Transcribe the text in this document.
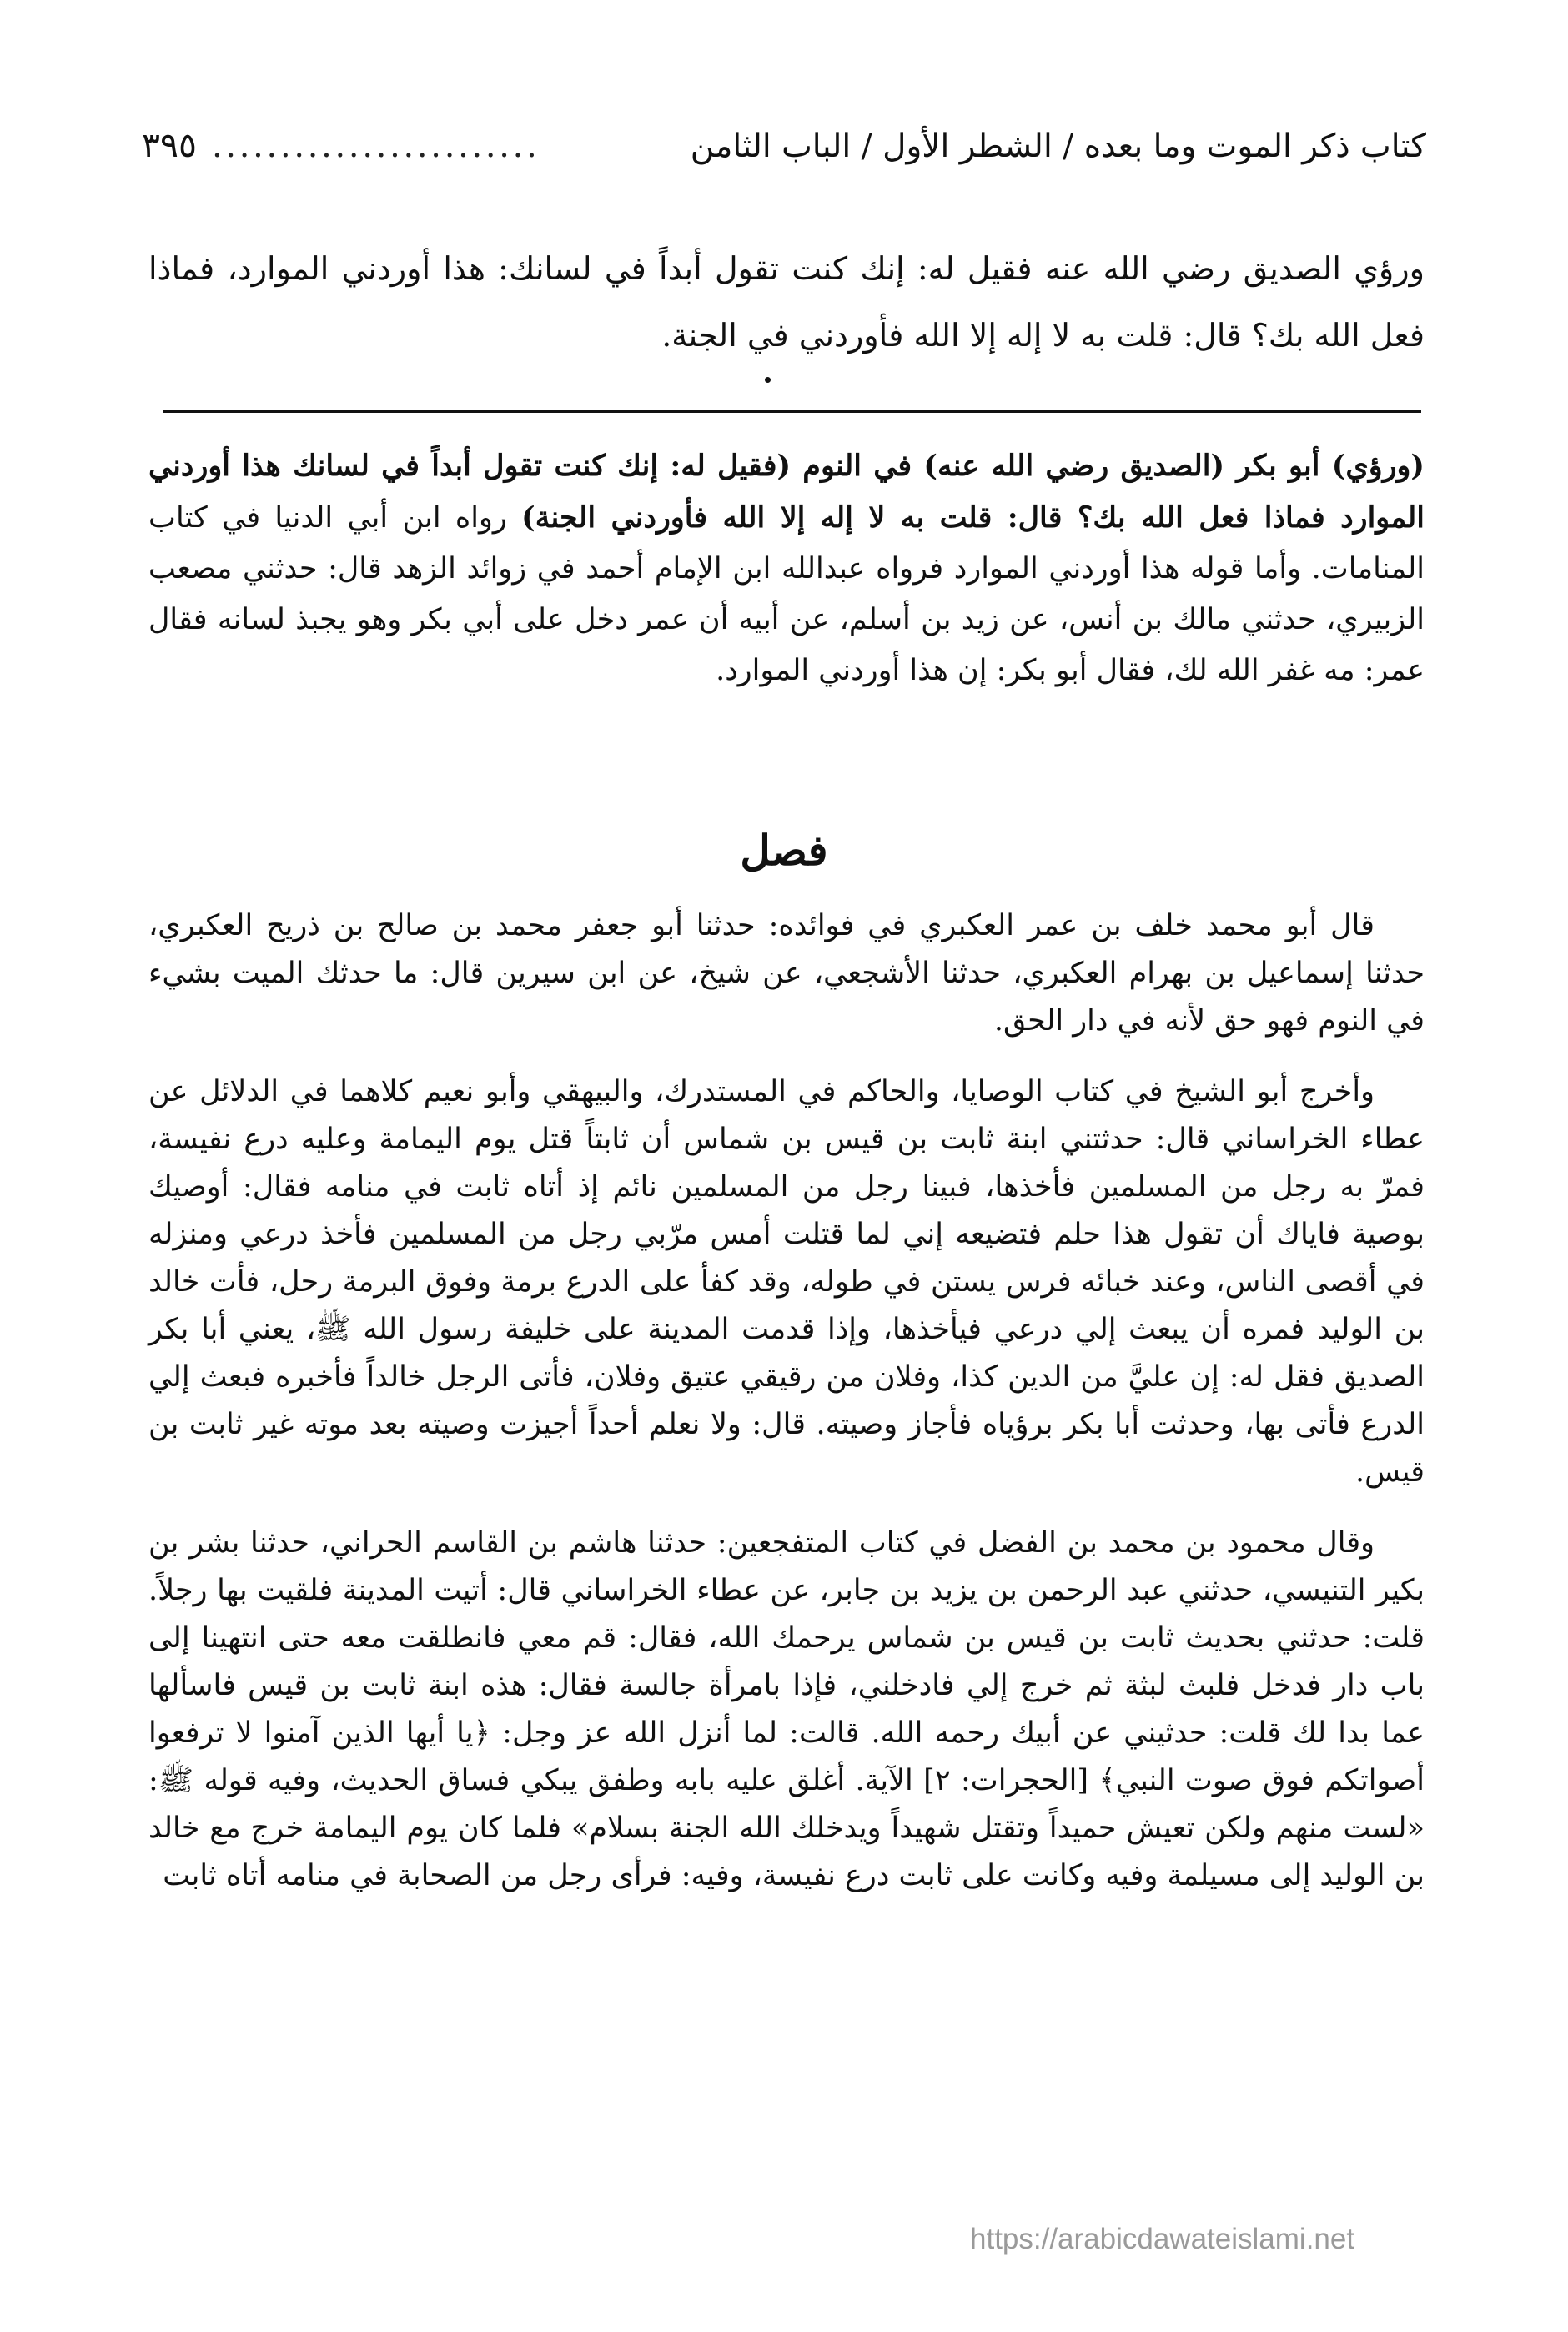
كتاب ذكر الموت وما بعده / الشطر الأول / الباب الثامن
........................
٣٩٥
ورؤي الصديق رضي الله عنه فقيل له: إنك كنت تقول أبداً في لسانك: هذا أوردني الموارد، فماذا فعل الله بك؟ قال: قلت به لا إله إلا الله فأوردني في الجنة.
(ورؤي) أبو بكر (الصديق رضي الله عنه) في النوم (فقيل له: إنك كنت تقول أبداً في لسانك هذا أوردني الموارد فماذا فعل الله بك؟ قال: قلت به لا إله إلا الله فأوردني الجنة) رواه ابن أبي الدنيا في كتاب المنامات. وأما قوله هذا أوردني الموارد فرواه عبدالله ابن الإمام أحمد في زوائد الزهد قال: حدثني مصعب الزبيري، حدثني مالك بن أنس، عن زيد بن أسلم، عن أبيه أن عمر دخل على أبي بكر وهو يجبذ لسانه فقال عمر: مه غفر الله لك، فقال أبو بكر: إن هذا أوردني الموارد.
فصل

قال أبو محمد خلف بن عمر العكبري في فوائده: حدثنا أبو جعفر محمد بن صالح بن ذريح العكبري، حدثنا إسماعيل بن بهرام العكبري، حدثنا الأشجعي، عن شيخ، عن ابن سيرين قال: ما حدثك الميت بشيء في النوم فهو حق لأنه في دار الحق.

وأخرج أبو الشيخ في كتاب الوصايا، والحاكم في المستدرك، والبيهقي وأبو نعيم كلاهما في الدلائل عن عطاء الخراساني قال: حدثتني ابنة ثابت بن قيس بن شماس أن ثابتاً قتل يوم اليمامة وعليه درع نفيسة، فمرّ به رجل من المسلمين فأخذها، فبينا رجل من المسلمين نائم إذ أتاه ثابت في منامه فقال: أوصيك بوصية فاياك أن تقول هذا حلم فتضيعه إني لما قتلت أمس مرّبي رجل من المسلمين فأخذ درعي ومنزله في أقصى الناس، وعند خبائه فرس يستن في طوله، وقد كفأ على الدرع برمة وفوق البرمة رحل، فأت خالد بن الوليد فمره أن يبعث إلي درعي فيأخذها، وإذا قدمت المدينة على خليفة رسول الله ﷺ، يعني أبا بكر الصديق فقل له: إن عليَّ من الدين كذا، وفلان من رقيقي عتيق وفلان، فأتى الرجل خالداً فأخبره فبعث إلي الدرع فأتى بها، وحدثت أبا بكر برؤياه فأجاز وصيته. قال: ولا نعلم أحداً أجيزت وصيته بعد موته غير ثابت بن قيس.

وقال محمود بن محمد بن الفضل في كتاب المتفجعين: حدثنا هاشم بن القاسم الحراني، حدثنا بشر بن بكير التنيسي، حدثني عبد الرحمن بن يزيد بن جابر، عن عطاء الخراساني قال: أتيت المدينة فلقيت بها رجلاً. قلت: حدثني بحديث ثابت بن قيس بن شماس يرحمك الله، فقال: قم معي فانطلقت معه حتى انتهينا إلى باب دار فدخل فلبث لبثة ثم خرج إلي فادخلني، فإذا بامرأة جالسة فقال: هذه ابنة ثابت بن قيس فاسألها عما بدا لك قلت: حدثيني عن أبيك رحمه الله. قالت: لما أنزل الله عز وجل: ﴿يا أيها الذين آمنوا لا ترفعوا أصواتكم فوق صوت النبي﴾ [الحجرات: ٢] الآية. أغلق عليه بابه وطفق يبكي فساق الحديث، وفيه قوله ﷺ: «لست منهم ولكن تعيش حميداً وتقتل شهيداً ويدخلك الله الجنة بسلام» فلما كان يوم اليمامة خرج مع خالد بن الوليد إلى مسيلمة وفيه وكانت على ثابت درع نفيسة، وفيه: فرأى رجل من الصحابة في منامه أتاه ثابت

https://arabicdawateislami.net
